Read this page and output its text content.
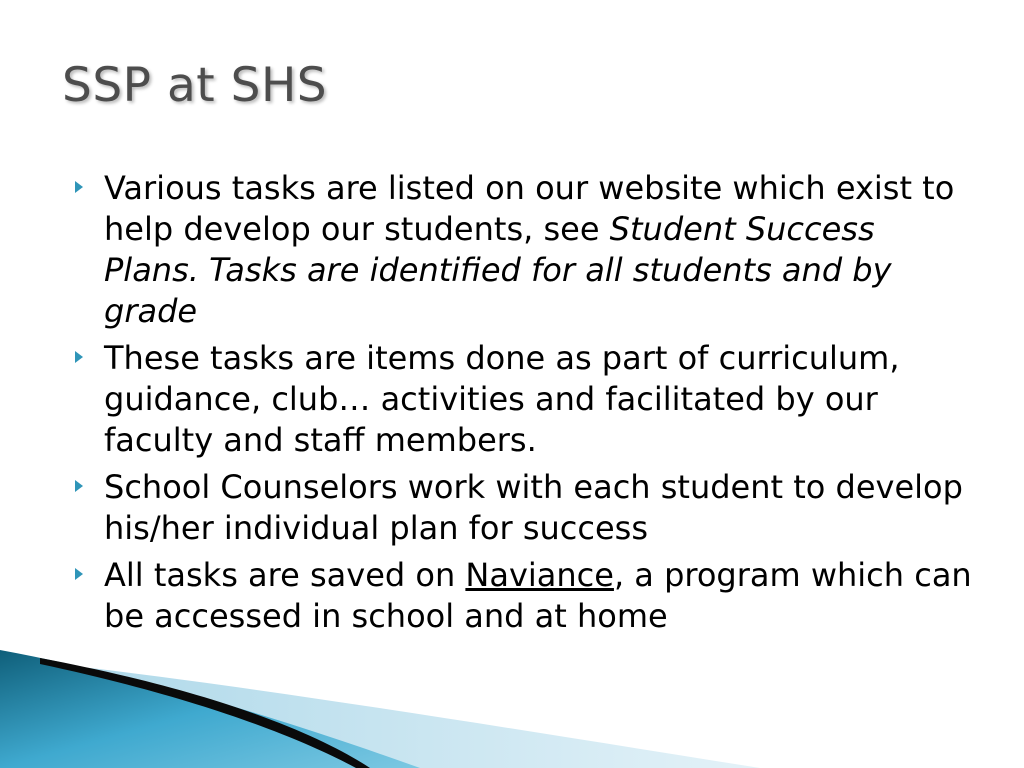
SSP at SHS
Various tasks are listed on our website which exist to help develop our students, see Student Success Plans. Tasks are identified for all students and by grade
These tasks are items done as part of curriculum, guidance, club… activities and facilitated by our faculty and staff members.
School Counselors work with each student to develop his/her individual plan for success
All tasks are saved on Naviance, a program which can be accessed in school and at home
